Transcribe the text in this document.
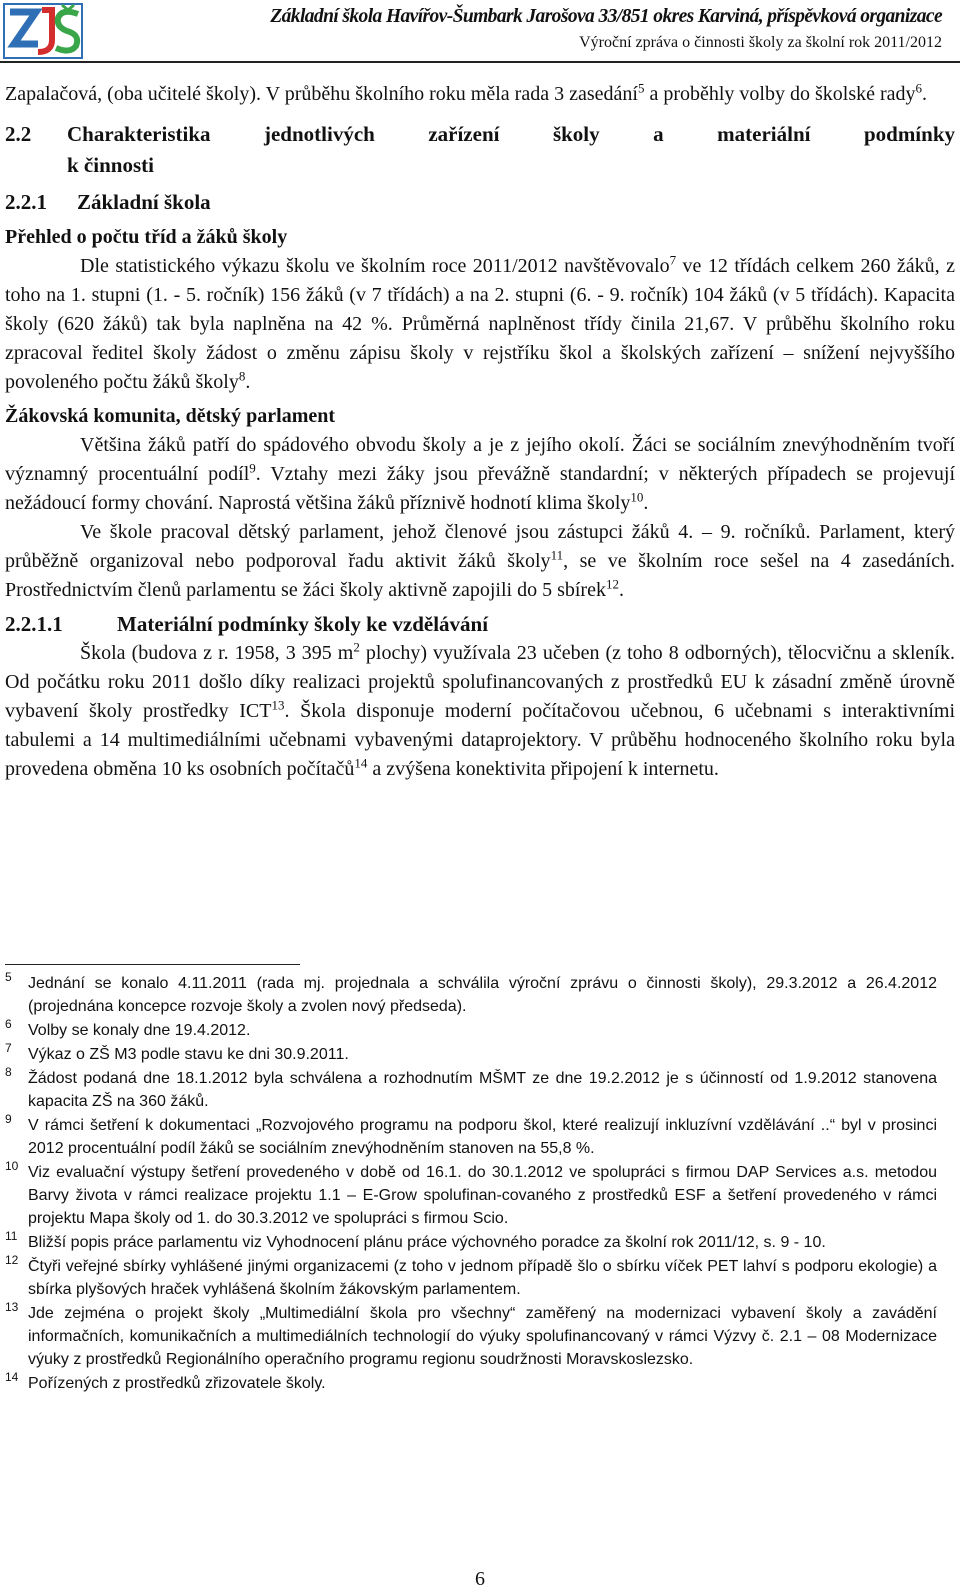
Základní škola Havířov-Šumbark Jarošova 33/851 okres Karviná, příspěvková organizace
Výroční zpráva o činnosti školy za školní rok 2011/2012

Zapalačová, (oba učitelé školy). V průběhu školního roku měla rada 3 zasedání$^5$ a proběhly volby do školské rady$^6$.

2.2	Charakteristika jednotlivých zařízení školy a materiální podmínky
k činnosti
2.2.1 Základní škola
Přehled o počtu tříd a žáků školy

Dle statistického výkazu školu ve školním roce 2011/2012 navštěvovalo$^7$ ve 12 třídách celkem 260 žáků, z toho na 1. stupni (1. - 5. ročník) 156 žáků (v 7 třídách) a na 2. stupni (6. - 9. ročník) 104 žáků (v 5 třídách). Kapacita školy (620 žáků) tak byla naplněna na 42 %. Průměrná naplněnost třídy činila 21,67. V průběhu školního roku zpracoval ředitel školy žádost o změnu zápisu školy v rejstříku škol a školských zařízení – snížení nejvyššího povoleného počtu žáků školy$^8$.

Žákovská komunita, dětský parlament

Většina žáků patří do spádového obvodu školy a je z jejího okolí. Žáci se sociálním znevýhodněním tvoří významný procentuální podíl$^9$. Vztahy mezi žáky jsou převážně standardní; v některých případech se projevují nežádoucí formy chování. Naprostá většina žáků příznivě hodnotí klima školy$^{10}$.

Ve škole pracoval dětský parlament, jehož členové jsou zástupci žáků 4. – 9. ročníků. Parlament, který průběžně organizoval nebo podporoval řadu aktivit žáků školy$^{11}$, se ve školním roce sešel na 4 zasedáních. Prostřednictvím členů parlamentu se žáci školy aktivně zapojili do 5 sbírek$^{12}$.

2.2.1.1	Materiální podmínky školy ke vzdělávání

Škola (budova z r. 1958, 3 395 $m^2$ plochy) využívala 23 učeben (z toho 8 odborných), tělocvičnu a skleník. Od počátku roku 2011 došlo díky realizaci projektů spolufinancovaných z prostředků EU k zásadní změně úrovně vybavení školy prostředky ICT$^{13}$. Škola disponuje moderní počítačovou učebnou, 6 učebnami s interaktivními tabulemi a 14 multimediálními učebnami vybavenými dataprojektory. V průběhu hodnoceného školního roku byla provedena obměna 10 ks osobních počítačů$^{14}$ a zvýšena konektivita připojení k internetu.

5 Jednání se konalo 4.11.2011 (rada mj. projednala a schválila výroční zprávu o činnosti školy), 29.3.2012 a 26.4.2012 (projednána koncepce rozvoje školy a zvolen nový předseda).
6 Volby se konaly dne 19.4.2012.
7 Výkaz o ZŠ M3 podle stavu ke dni 30.9.2011.
8 Žádost podaná dne 18.1.2012 byla schválena a rozhodnutím MŠMT ze dne 19.2.2012 je s účinností od 1.9.2012 stanovena kapacita ZŠ na 360 žáků.
9 V rámci šetření k dokumentaci „Rozvojového programu na podporu škol, které realizují inkluzívní vzdělávání ..“ byl v prosinci 2012 procentuální podíl žáků se sociálním znevýhodněním stanoven na 55,8 %.
10 Viz evaluační výstupy šetření provedeného v době od 16.1. do 30.1.2012 ve spolupráci s firmou DAP Services a.s. metodou Barvy života v rámci realizace projektu 1.1 – E-Grow spolufinan-covaného z prostředků ESF a šetření provedeného v rámci projektu Mapa školy od 1. do 30.3.2012 ve spolupráci s firmou Scio.
11 Bližší popis práce parlamentu viz Vyhodnocení plánu práce výchovného poradce za školní rok 2011/12, s. 9 - 10.
12 Čtyři veřejné sbírky vyhlášené jinými organizacemi (z toho v jednom případě šlo o sbírku víček PET lahví s podporu ekologie) a sbírka plyšových hraček vyhlášená školním žákovským parlamentem.
13 Jde zejména o projekt školy „Multimediální škola pro všechny“ zaměřený na modernizaci vybavení školy a zavádění informačních, komunikačních a multimediálních technologií do výuky spolufinancovaný v rámci Výzvy č. 2.1 – 08 Modernizace výuky z prostředků Regionálního operačního programu regionu soudržnosti Moravskoslezsko.
14 Pořízených z prostředků zřizovatele školy.
6
